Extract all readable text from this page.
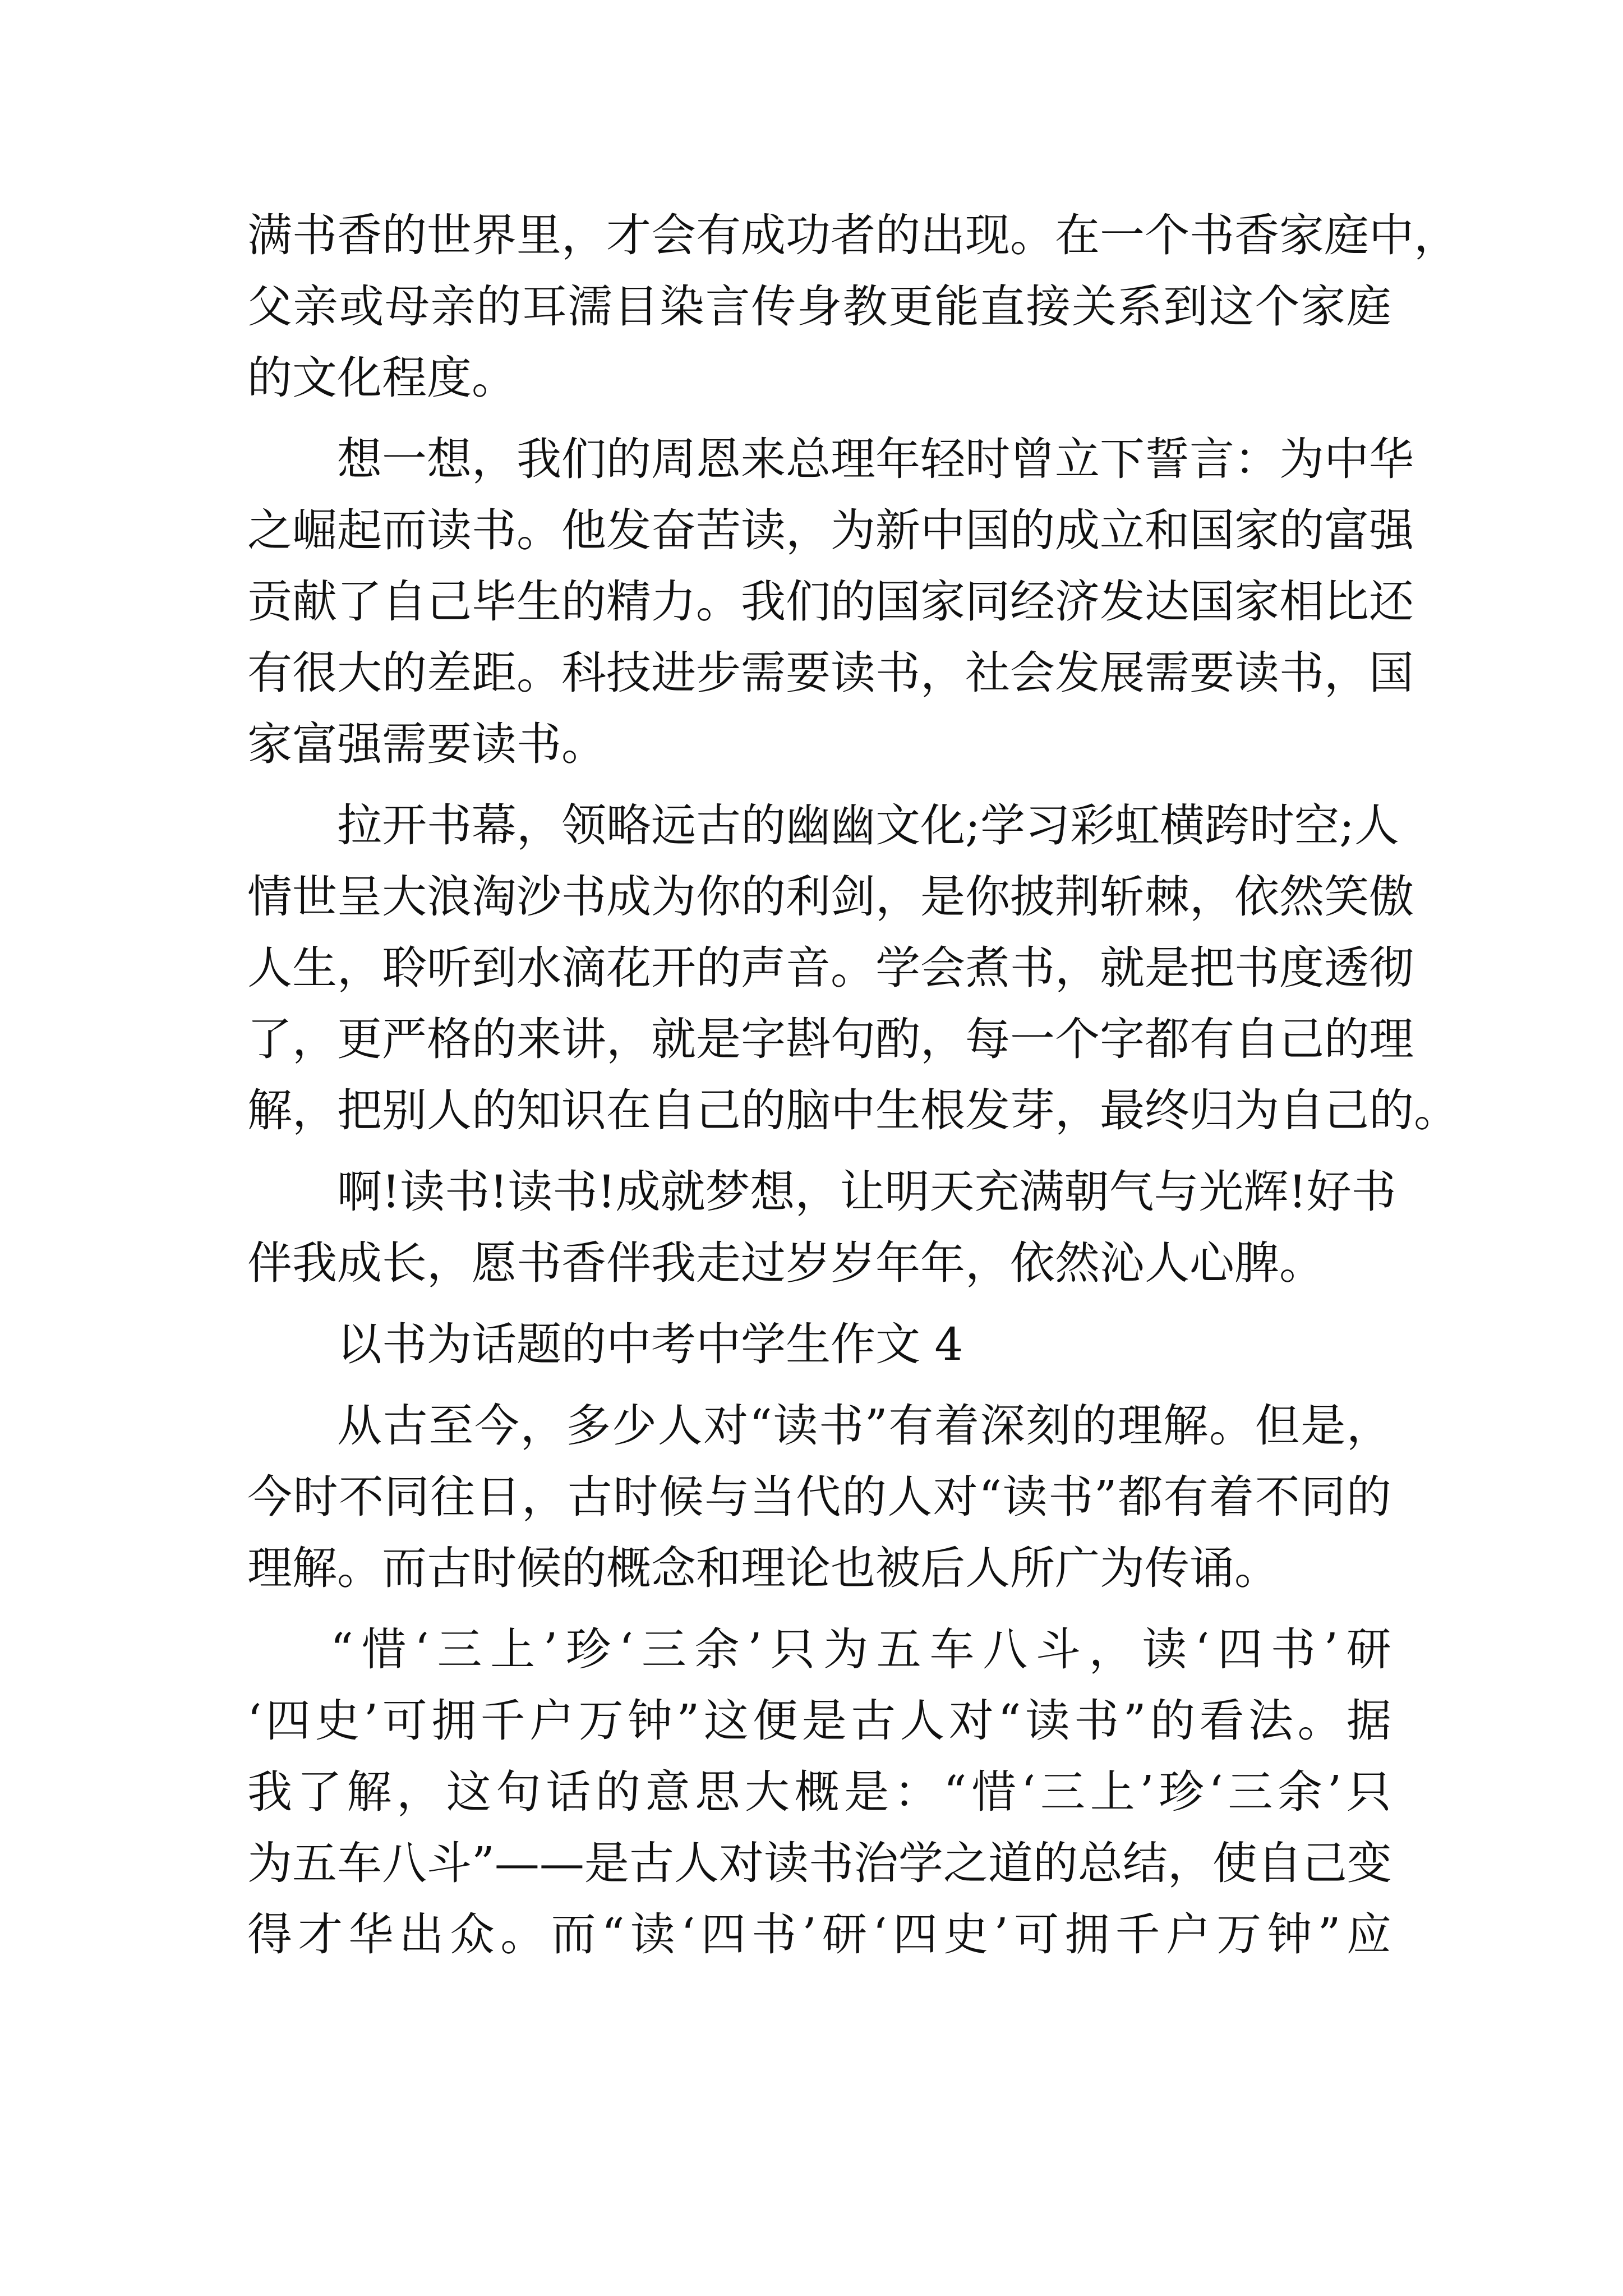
满 书 香 的 世 界 里 ， 才 会 有 成 功 者 的 出 现 。 在 一 个 书 香 家 庭 中 ，
父 亲 或 母 亲 的 耳 濡 目 染 言 传 身 教 更 能 直 接 关 系 到 这 个 家 庭
的文化程度。
想 一 想 ， 我 们 的 周 恩 来 总 理 年 轻 时 曾 立 下 誓 言 ： 为 中 华
之 崛 起 而 读 书 。 他 发 奋 苦 读 ， 为 新 中 国 的 成 立 和 国 家 的 富 强
贡 献 了 自 己 毕 生 的 精 力 。 我 们 的 国 家 同 经 济 发 达 国 家 相 比 还
有 很 大 的 差 距 。 科 技 进 步 需 要 读 书 ， 社 会 发 展 需 要 读 书 ， 国
家富强需要读书。
拉 开 书 幕 ， 领 略 远 古 的 幽 幽 文 化 ; 学 习 彩 虹 横 跨 时 空 ; 人
情 世 呈 大 浪 淘 沙 书 成 为 你 的 利 剑 ， 是 你 披 荆 斩 棘 ， 依 然 笑 傲
人 生 ， 聆 听 到 水 滴 花 开 的 声 音 。 学 会 煮 书 ， 就 是 把 书 度 透 彻
了 ， 更 严 格 的 来 讲 ， 就 是 字 斟 句 酌 ， 每 一 个 字 都 有 自 己 的 理
解 ， 把 别 人 的 知 识 在 自 己 的 脑 中 生 根 发 芽 ， 最 终 归 为 自 己 的 。
啊 ! 读 书 ! 读 书 ! 成 就 梦 想 ， 让 明 天 充 满 朝 气 与 光 辉 ! 好 书
伴我成长，愿书香伴我走过岁岁年年，依然沁人心脾。
以书为话题的中考中学生作文 4
从 古 至 今 ， 多 少 人 对 “ 读 书 ” 有 着 深 刻 的 理 解 。 但 是 ，
今 时 不 同 往 日 ， 古 时 候 与 当 代 的 人 对 “ 读 书 ” 都 有 着 不 同 的
理解。而古时候的概念和理论也被后人所广为传诵。
“ 惜 ‘ 三 上 ’ 珍 ‘ 三 余 ’ 只 为 五 车 八 斗 ， 读 ‘ 四 书 ’ 研
‘ 四 史 ’ 可 拥 千 户 万 钟 ” 这 便 是 古 人 对 “ 读 书 ” 的 看 法 。 据
我 了 解 ， 这 句 话 的 意 思 大 概 是 ： “ 惜 ‘ 三 上 ’ 珍 ‘ 三 余 ’ 只
为 五 车 八 斗 ” — — 是 古 人 对 读 书 治 学 之 道 的 总 结 ， 使 自 己 变
得 才 华 出 众 。 而 “ 读 ‘ 四 书 ’ 研 ‘ 四 史 ’ 可 拥 千 户 万 钟 ” 应
